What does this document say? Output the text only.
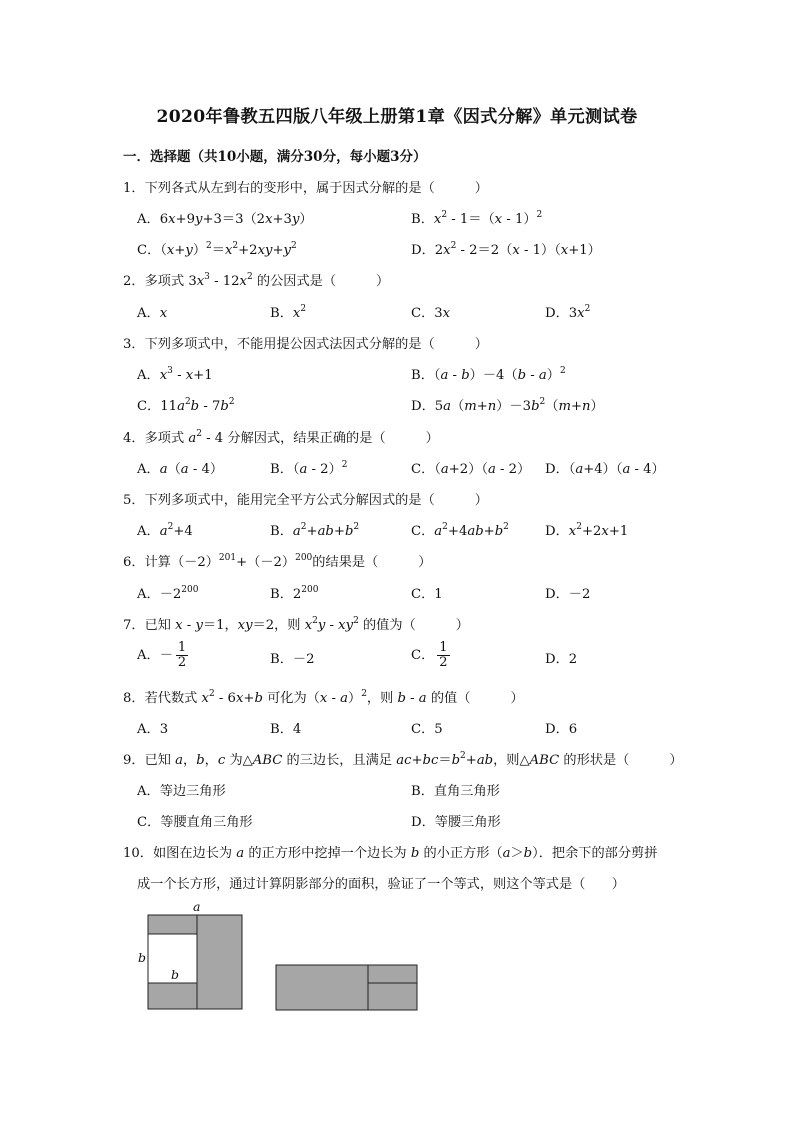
2020年鲁教五四版八年级上册第1章《因式分解》单元测试卷
一．选择题（共10小题，满分30分，每小题3分）
1．下列各式从左到右的变形中，属于因式分解的是（	）
A．6x+9y+3＝3（2x+3y）	B．$x^2 - 1=(x - 1)^2$
C．$(x+y)^2=x^2+2xy+y^2$	D．$2x^2 - 2=2(x - 1)(x+1)$
2．多项式 $3x^3 - 12x^2$ 的公因式是（	）
A．x	B．$x^2$	C．3x	D．$3x^2$
3．下列多项式中，不能用提公因式法因式分解的是（	）
A．$x^3 - x+1$	B．（a - b）－4（b - a）$^2$
C．$11a^2b - 7b^2$	D．$5a(m+n)-3b^2(m+n)$
4．多项式 $a^2 - 4$ 分解因式，结果正确的是（	）
A．a（a - 4）	B．（a - 2）$^2$	C．（a+2）（a - 2） D．（a+4）（a - 4）
5．下列多项式中，能用完全平方公式分解因式的是（	）
A．$a^2+4$	B．$a^2+ab+b^2$	C．$a^2+4ab+b^2$	D．$x^2+2x+1$
6．计算$(-2)^{201}+(-2)^{200}$的结果是（	）
A．$-2^{200}$	B．$2^{200}$	C．1	D．－2
7．已知 x - y＝1，xy＝2，则 $x^2y - xy^2$ 的值为（	）
A．－ $\frac{1}{2}$	B．－2	C． $\frac{1}{2}$	D．2
8．若代数式 $x^2 - 6x+b$ 可化为（x - a）$^2$，则 b - a 的值（	）
A．3	B．4	C．5	D．6
9．已知 a，b，c 为△ABC 的三边长，且满足 $ac+bc=b^2+ab$，则△ABC 的形状是（	）
A．等边三角形	B．直角三角形
C．等腰直角三角形	D．等腰三角形
10．如图在边长为 a 的正方形中挖掉一个边长为 b 的小正方形（a＞b）．把余下的部分剪拼
成一个长方形，通过计算阴影部分的面积，验证了一个等式，则这个等式是（　　）
a
b
b
